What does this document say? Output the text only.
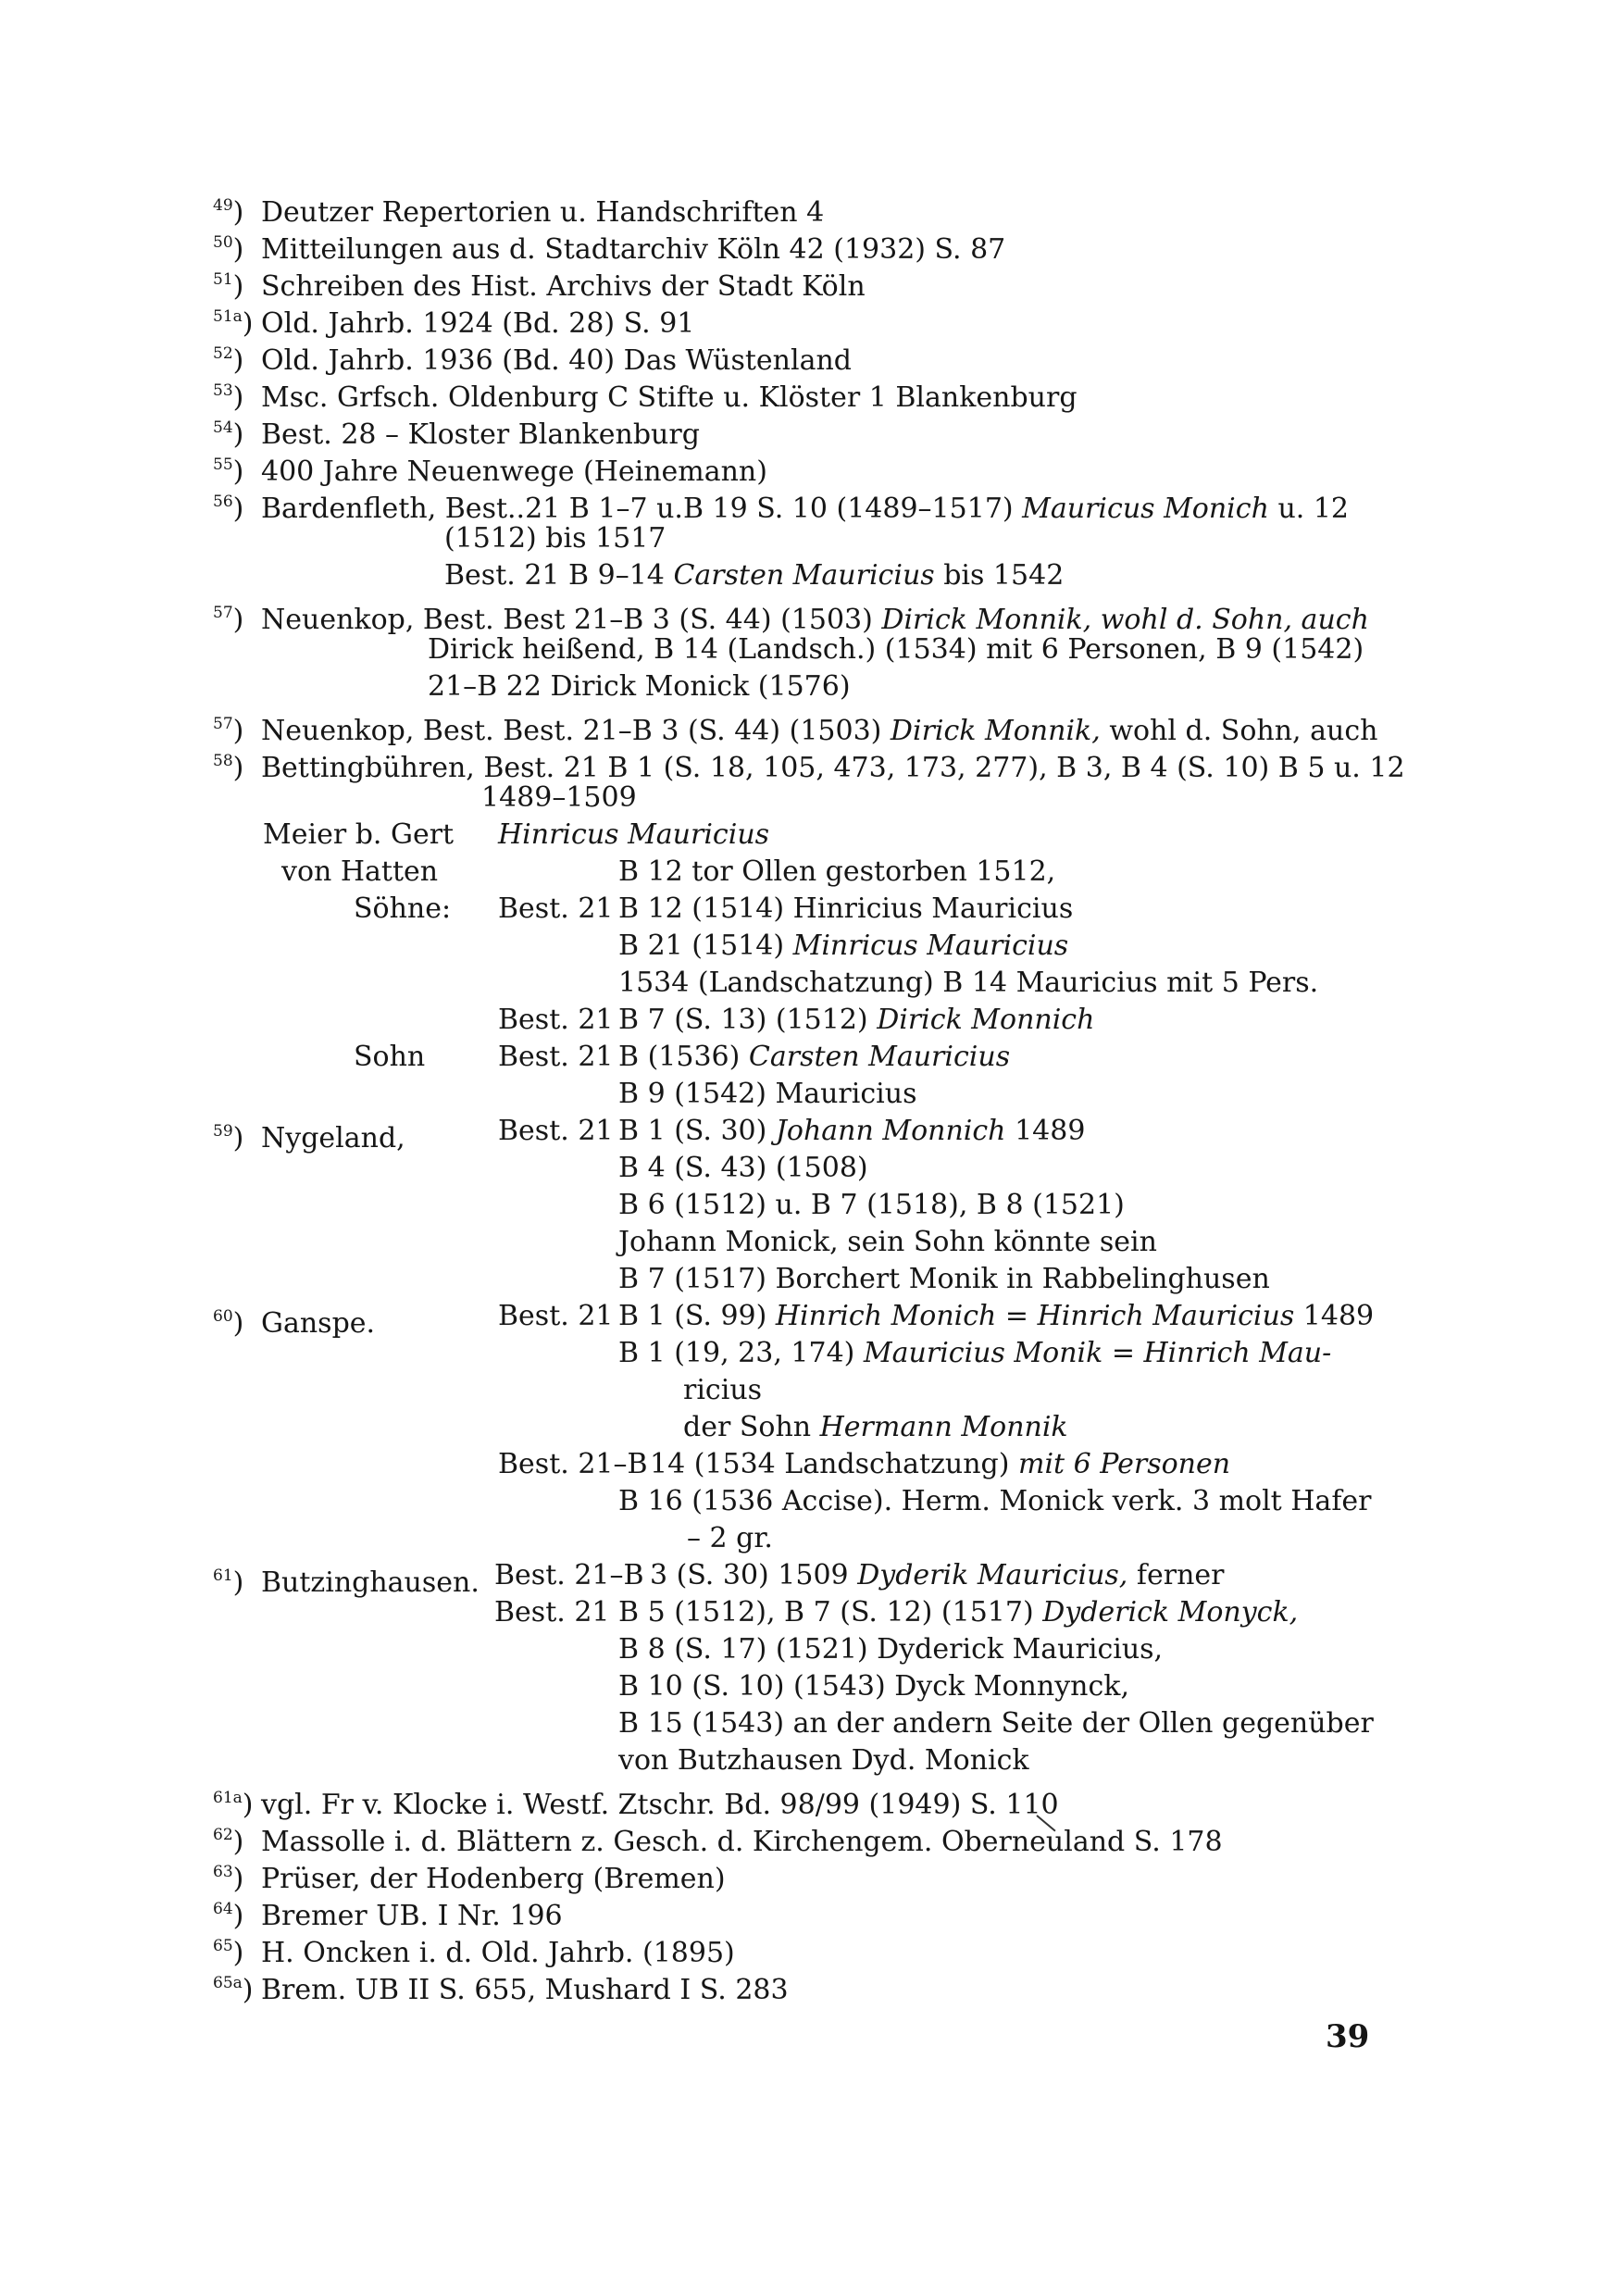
$^{49}$) Deutzer Repertorien u. Handschriften 4
$^{50}$) Mitteilungen aus d. Stadtarchiv Köln 42 (1932) S. 87
$^{51}$) Schreiben des Hist. Archivs der Stadt Köln
$^{51a}$) Old. Jahrb. 1924 (Bd. 28) S. 91
$^{52}$) Old. Jahrb. 1936 (Bd. 40) Das Wüstenland
$^{53}$) Msc. Grfsch. Oldenburg C Stifte u. Klöster 1 Blankenburg
$^{54}$) Best. 28 – Kloster Blankenburg
$^{55}$) 400 Jahre Neuenwege (Heinemann)
$^{56}$) Bardenfleth, Best..21 B 1–7 u.B 19 S. 10 (1489–1517) Mauricus Monich u. 12
(1512) bis 1517
Best. 21 B 9–14 Carsten Mauricius bis 1542
$^{57}$) Neuenkop, Best. Best 21–B 3 (S. 44) (1503) Dirick Monnik, wohl d. Sohn, auch
Dirick heißend, B 14 (Landsch.) (1534) mit 6 Personen, B 9 (1542)
21–B 22 Dirick Monick (1576)
$^{57}$) Neuenkop, Best. Best. 21–B 3 (S. 44) (1503) Dirick Monnik, wohl d. Sohn, auch
$^{58}$) Bettingbühren, Best. 21 B 1 (S. 18, 105, 473, 173, 277), B 3, B 4 (S. 10) B 5 u. 12
1489–1509
Meier b. Gert Hinricus Mauricius
von Hatten	B 12 tor Ollen gestorben 1512,
Söhne: Best. 21 B 12 (1514) Hinricius Mauricius
B 21 (1514) Minricus Mauricius
1534 (Landschatzung) B 14 Mauricius mit 5 Pers.
Best. 21 B 7 (S. 13) (1512) Dirick Monnich
Sohn	Best. 21 B (1536) Carsten Mauricius
B 9 (1542) Mauricius
$^{59}$) Nygeland,	Best. 21 B 1 (S. 30) Johann Monnich 1489
B 4 (S. 43) (1508)
B 6 (1512) u. B 7 (1518), B 8 (1521)
Johann Monick, sein Sohn könnte sein
B 7 (1517) Borchert Monik in Rabbelinghusen
$^{60}$) Ganspe.	Best. 21 B 1 (S. 99) Hinrich Monich = Hinrich Mauricius 1489
B 1 (19, 23, 174) Mauricius Monik = Hinrich Mau-
ricius
der Sohn Hermann Monnik
Best. 21–B 14 (1534 Landschatzung) mit 6 Personen
B 16 (1536 Accise). Herm. Monick verk. 3 molt Hafer
– 2 gr.
$^{61}$) Butzinghausen. Best. 21–B 3 (S. 30) 1509 Dyderik Mauricius, ferner
Best. 21 B 5 (1512), B 7 (S. 12) (1517) Dyderick Monyck,
B 8 (S. 17) (1521) Dyderick Mauricius,
B 10 (S. 10) (1543) Dyck Monnynck,
B 15 (1543) an der andern Seite der Ollen gegenüber
von Butzhausen Dyd. Monick
$^{61a}$) vgl. Fr v. Klocke i. Westf. Ztschr. Bd. 98/99 (1949) S. 110
$^{62}$) Massolle i. d. Blättern z. Gesch. d. Kirchengem. Oberneuland S. 178
$^{63}$) Prüser, der Hodenberg (Bremen)
$^{64}$) Bremer UB. I Nr. 196
$^{65}$) H. Oncken i. d. Old. Jahrb. (1895)
$^{65a}$) Brem. UB II S. 655, Mushard I S. 283
39
